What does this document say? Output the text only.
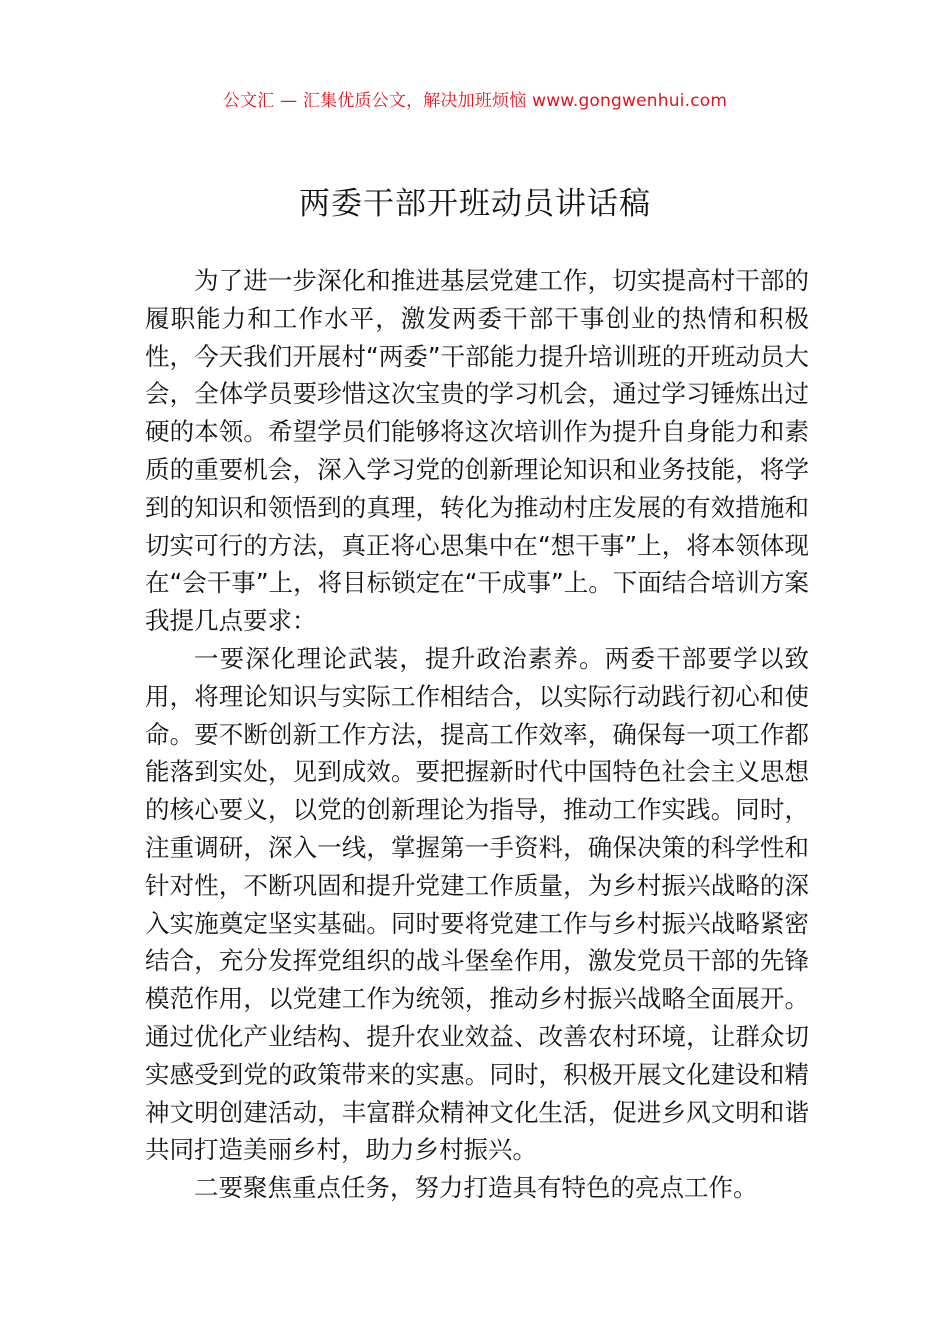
公文汇 — 汇集优质公文，解决加班烦恼 www.gongwenhui.com
两委干部开班动员讲话稿

为了进一步深化和推进基层党建工作，切实提高村干部的履职能力和工作水平，激发两委干部干事创业的热情和积极性，今天我们开展村“两委”干部能力提升培训班的开班动员大会，全体学员要珍惜这次宝贵的学习机会，通过学习锤炼出过硬的本领。希望学员们能够将这次培训作为提升自身能力和素质的重要机会，深入学习党的创新理论知识和业务技能，将学到的知识和领悟到的真理，转化为推动村庄发展的有效措施和切实可行的方法，真正将心思集中在“想干事”上，将本领体现在“会干事”上，将目标锁定在“干成事”上。下面结合培训方案我提几点要求：

一要深化理论武装，提升政治素养。两委干部要学以致用，将理论知识与实际工作相结合，以实际行动践行初心和使命。要不断创新工作方法，提高工作效率，确保每一项工作都能落到实处，见到成效。要把握新时代中国特色社会主义思想的核心要义，以党的创新理论为指导，推动工作实践。同时，注重调研，深入一线，掌握第一手资料，确保决策的科学性和针对性，不断巩固和提升党建工作质量，为乡村振兴战略的深入实施奠定坚实基础。同时要将党建工作与乡村振兴战略紧密结合，充分发挥党组织的战斗堡垒作用，激发党员干部的先锋模范作用，以党建工作为统领，推动乡村振兴战略全面展开。通过优化产业结构、提升农业效益、改善农村环境，让群众切实感受到党的政策带来的实惠。同时，积极开展文化建设和精神文明创建活动，丰富群众精神文化生活，促进乡风文明和谐共同打造美丽乡村，助力乡村振兴。

二要聚焦重点任务，努力打造具有特色的亮点工作。
